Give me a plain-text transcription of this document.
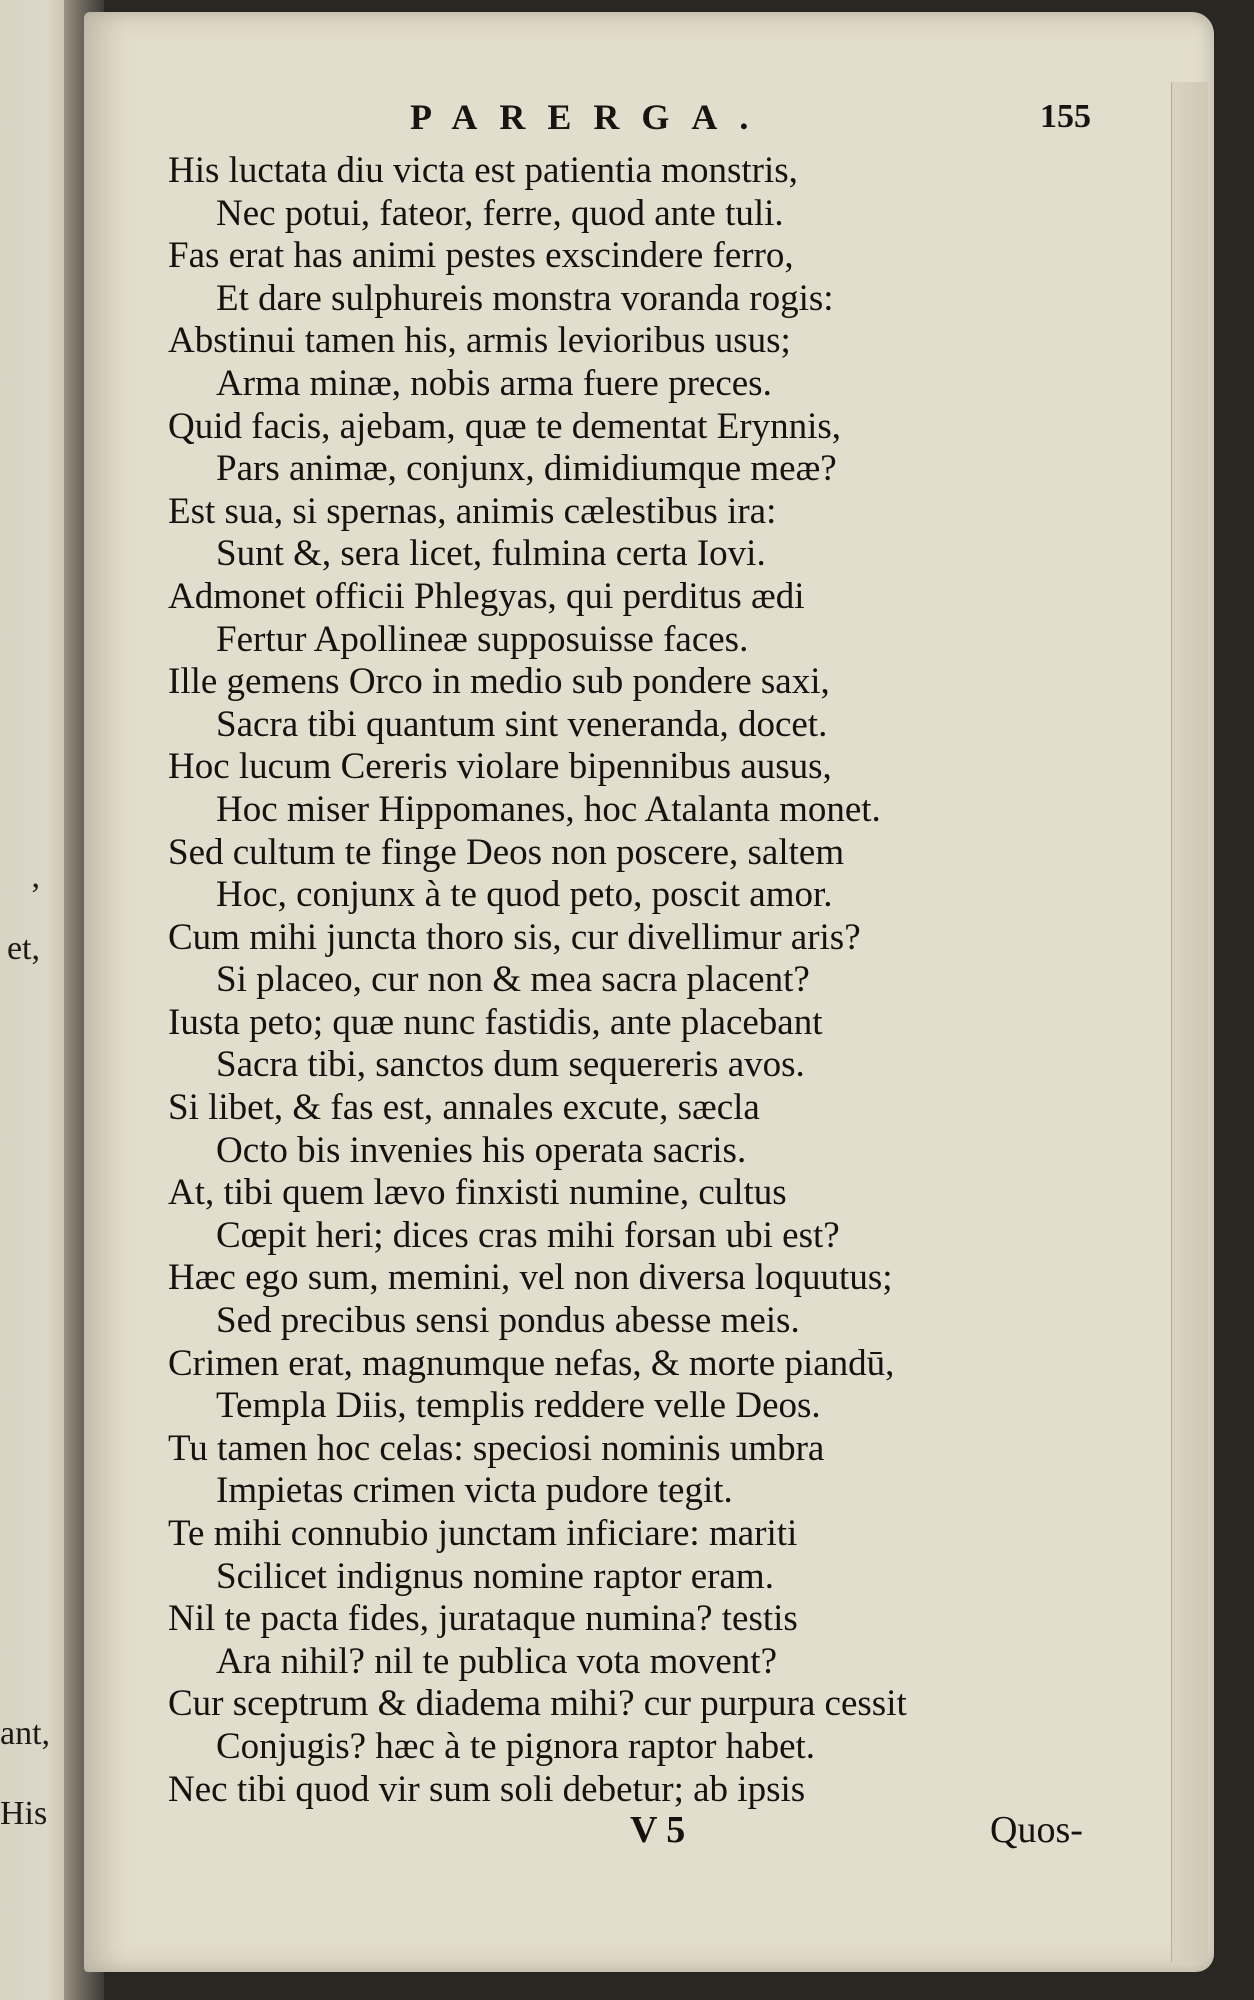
,
et,
ant,
His
PARERGA.	155
His luctata diu victa est patientia monstris,
Nec potui, fateor, ferre, quod ante tuli.
Fas erat has animi pestes exscindere ferro,
Et dare sulphureis monstra voranda rogis:
Abstinui tamen his, armis levioribus usus;
Arma minæ, nobis arma fuere preces.
Quid facis, ajebam, quæ te dementat Erynnis,
Pars animæ, conjunx, dimidiumque meæ?
Est sua, si spernas, animis cælestibus ira:
Sunt &, sera licet, fulmina certa Iovi.
Admonet officii Phlegyas, qui perditus ædi
Fertur Apollineæ supposuisse faces.
Ille gemens Orco in medio sub pondere saxi,
Sacra tibi quantum sint veneranda, docet.
Hoc lucum Cereris violare bipennibus ausus,
Hoc miser Hippomanes, hoc Atalanta monet.
Sed cultum te finge Deos non poscere, saltem
Hoc, conjunx à te quod peto, poscit amor.
Cum mihi juncta thoro sis, cur divellimur aris?
Si placeo, cur non & mea sacra placent?
Iusta peto; quæ nunc fastidis, ante placebant
Sacra tibi, sanctos dum sequereris avos.
Si libet, & fas est, annales excute, sæcla
Octo bis invenies his operata sacris.
At, tibi quem lævo finxisti numine, cultus
Cœpit heri; dices cras mihi forsan ubi est?
Hæc ego sum, memini, vel non diversa loquutus;
Sed precibus sensi pondus abesse meis.
Crimen erat, magnumque nefas, & morte piandū,
Templa Diis, templis reddere velle Deos.
Tu tamen hoc celas: speciosi nominis umbra
Impietas crimen victa pudore tegit.
Te mihi connubio junctam inficiare: mariti
Scilicet indignus nomine raptor eram.
Nil te pacta fides, jurataque numina? testis
Ara nihil? nil te publica vota movent?
Cur sceptrum & diadema mihi? cur purpura cessit
Conjugis? hæc à te pignora raptor habet.
Nec tibi quod vir sum soli debetur; ab ipsis
V 5	Quos-
